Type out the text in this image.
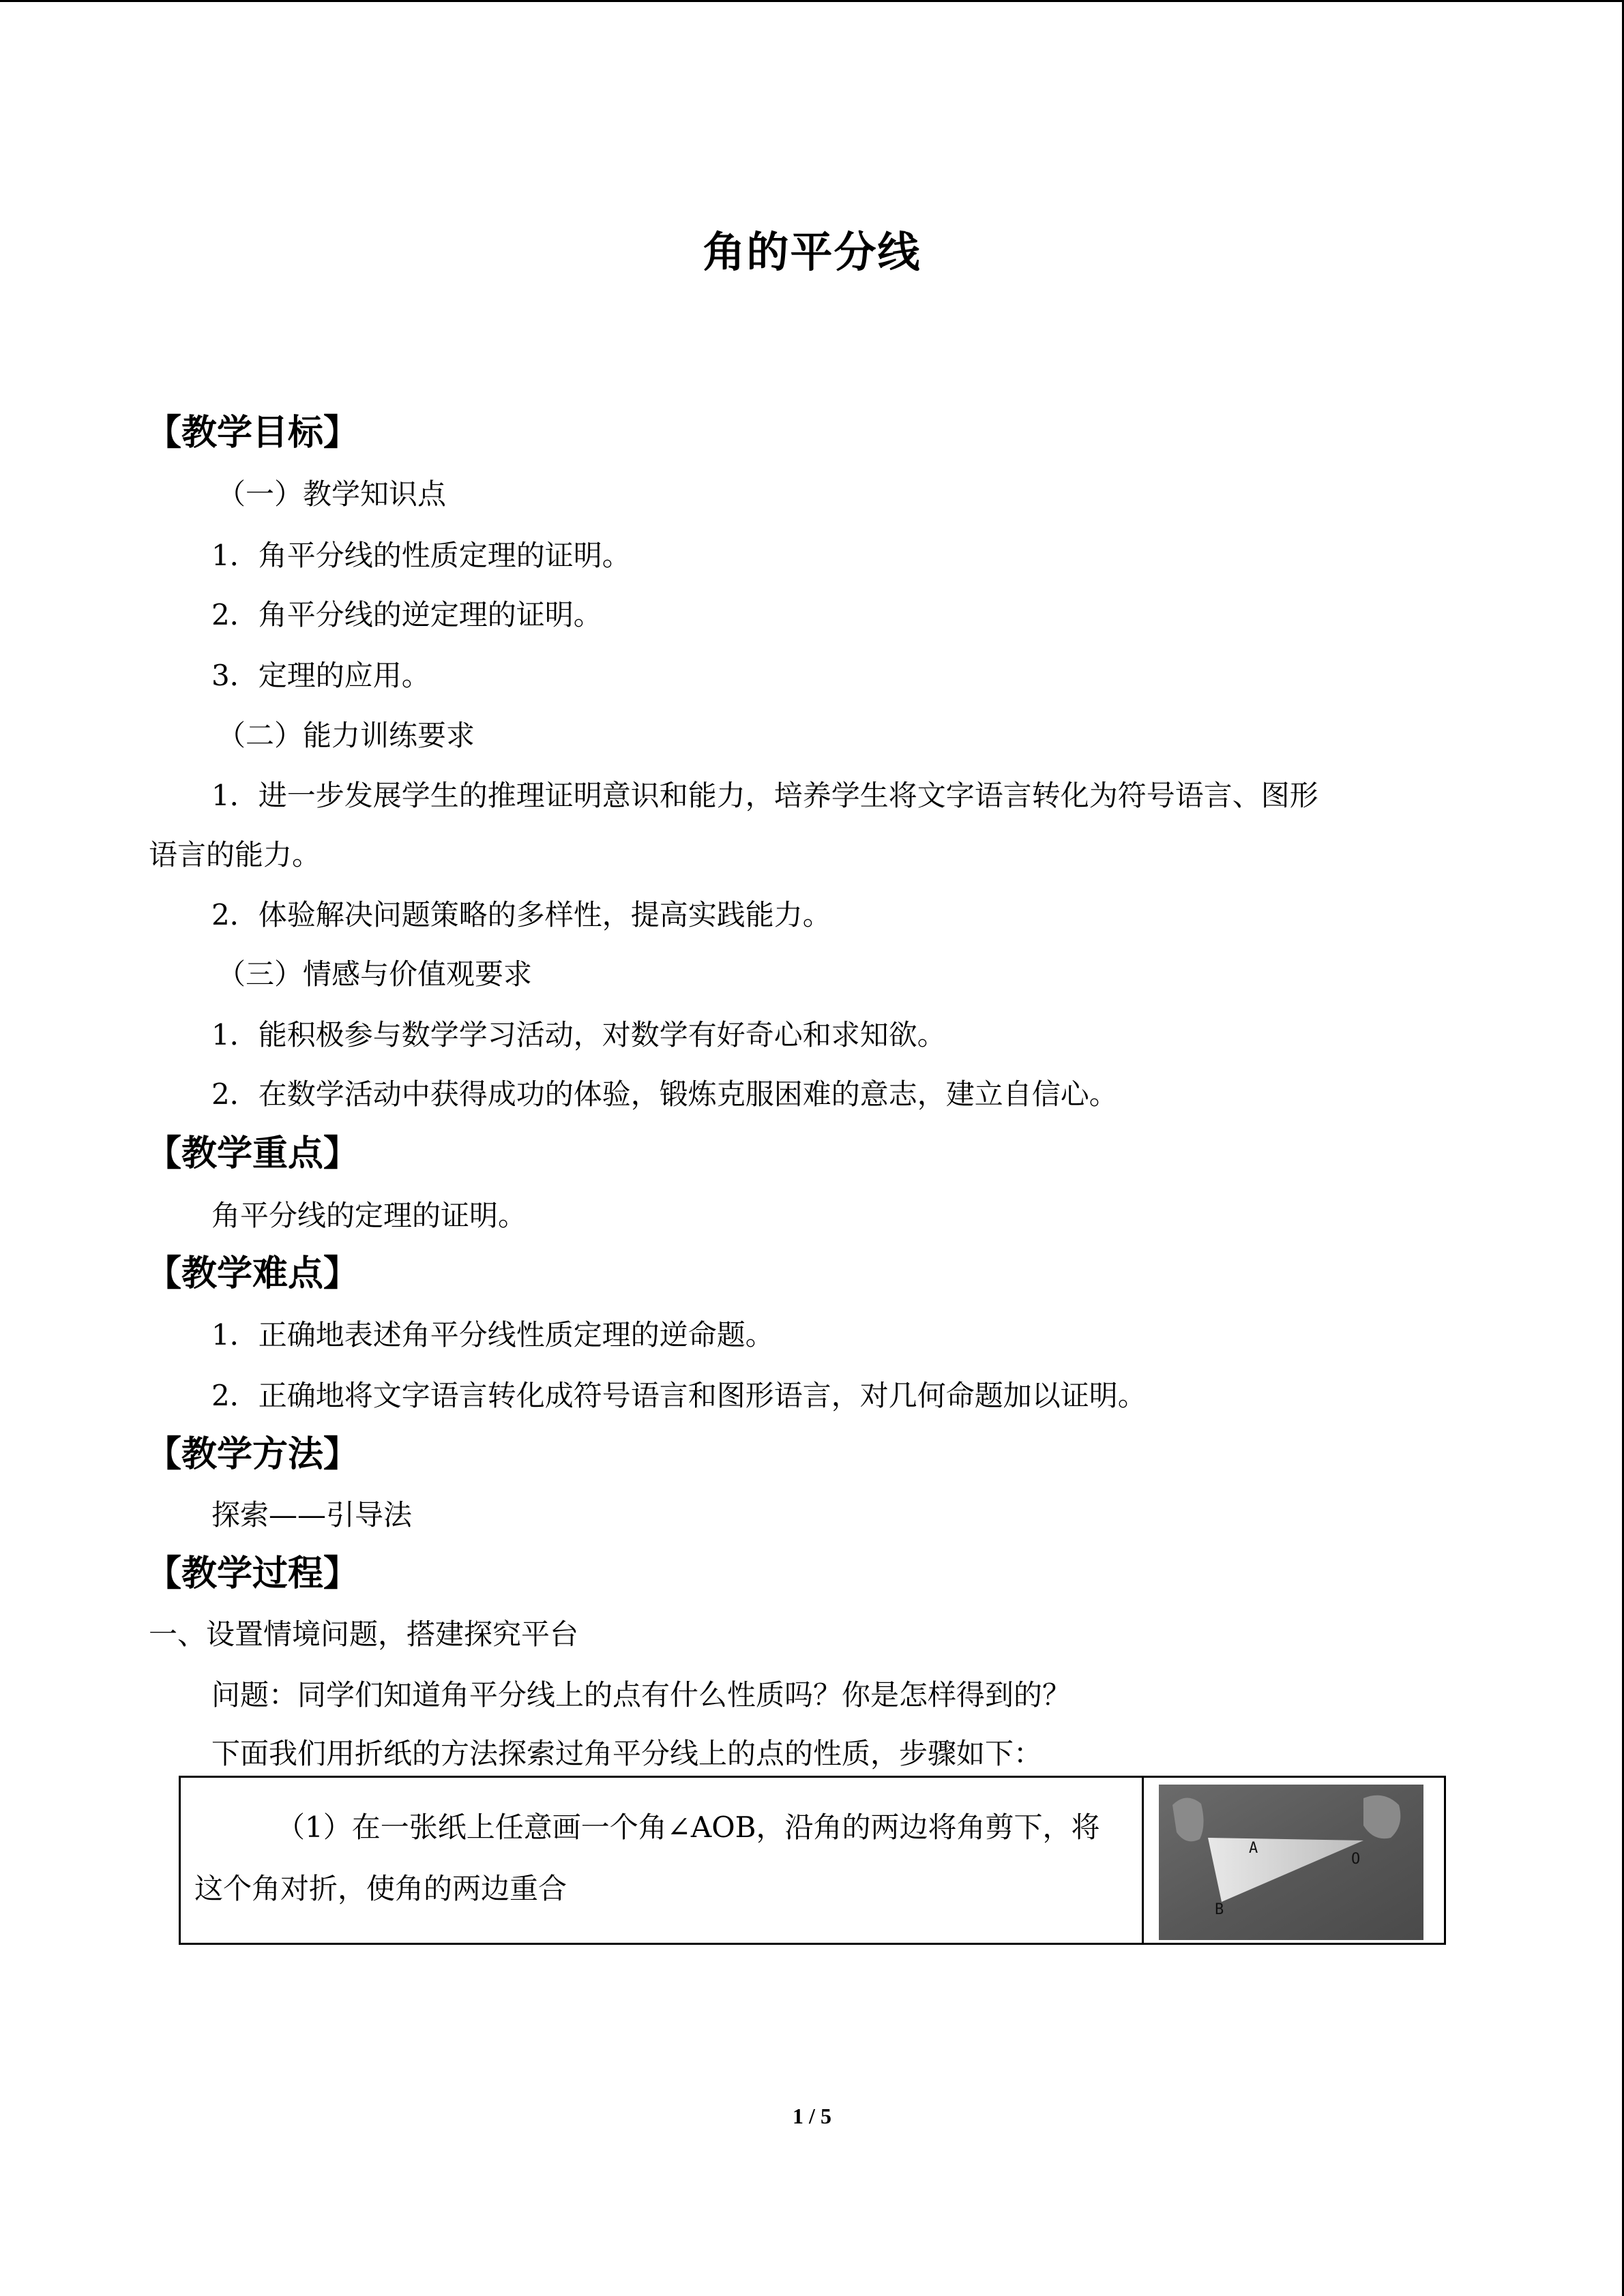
角的平分线
【教学目标】
（一）教学知识点
1．角平分线的性质定理的证明。
2．角平分线的逆定理的证明。
3．定理的应用。
（二）能力训练要求
1．进一步发展学生的推理证明意识和能力，培养学生将文字语言转化为符号语言、图形
语言的能力。
2．体验解决问题策略的多样性，提高实践能力。
（三）情感与价值观要求
1．能积极参与数学学习活动，对数学有好奇心和求知欲。
2．在数学活动中获得成功的体验，锻炼克服困难的意志，建立自信心。
【教学重点】
角平分线的定理的证明。
【教学难点】
1．正确地表述角平分线性质定理的逆命题。
2．正确地将文字语言转化成符号语言和图形语言，对几何命题加以证明。
【教学方法】
探索——引导法
【教学过程】
一、设置情境问题，搭建探究平台
问题：同学们知道角平分线上的点有什么性质吗？你是怎样得到的？
下面我们用折纸的方法探索过角平分线上的点的性质，步骤如下：
（1）在一张纸上任意画一个角∠AOB，沿角的两边将角剪下，将这个角对折，使角的两边重合
A
O
B
1 / 5
